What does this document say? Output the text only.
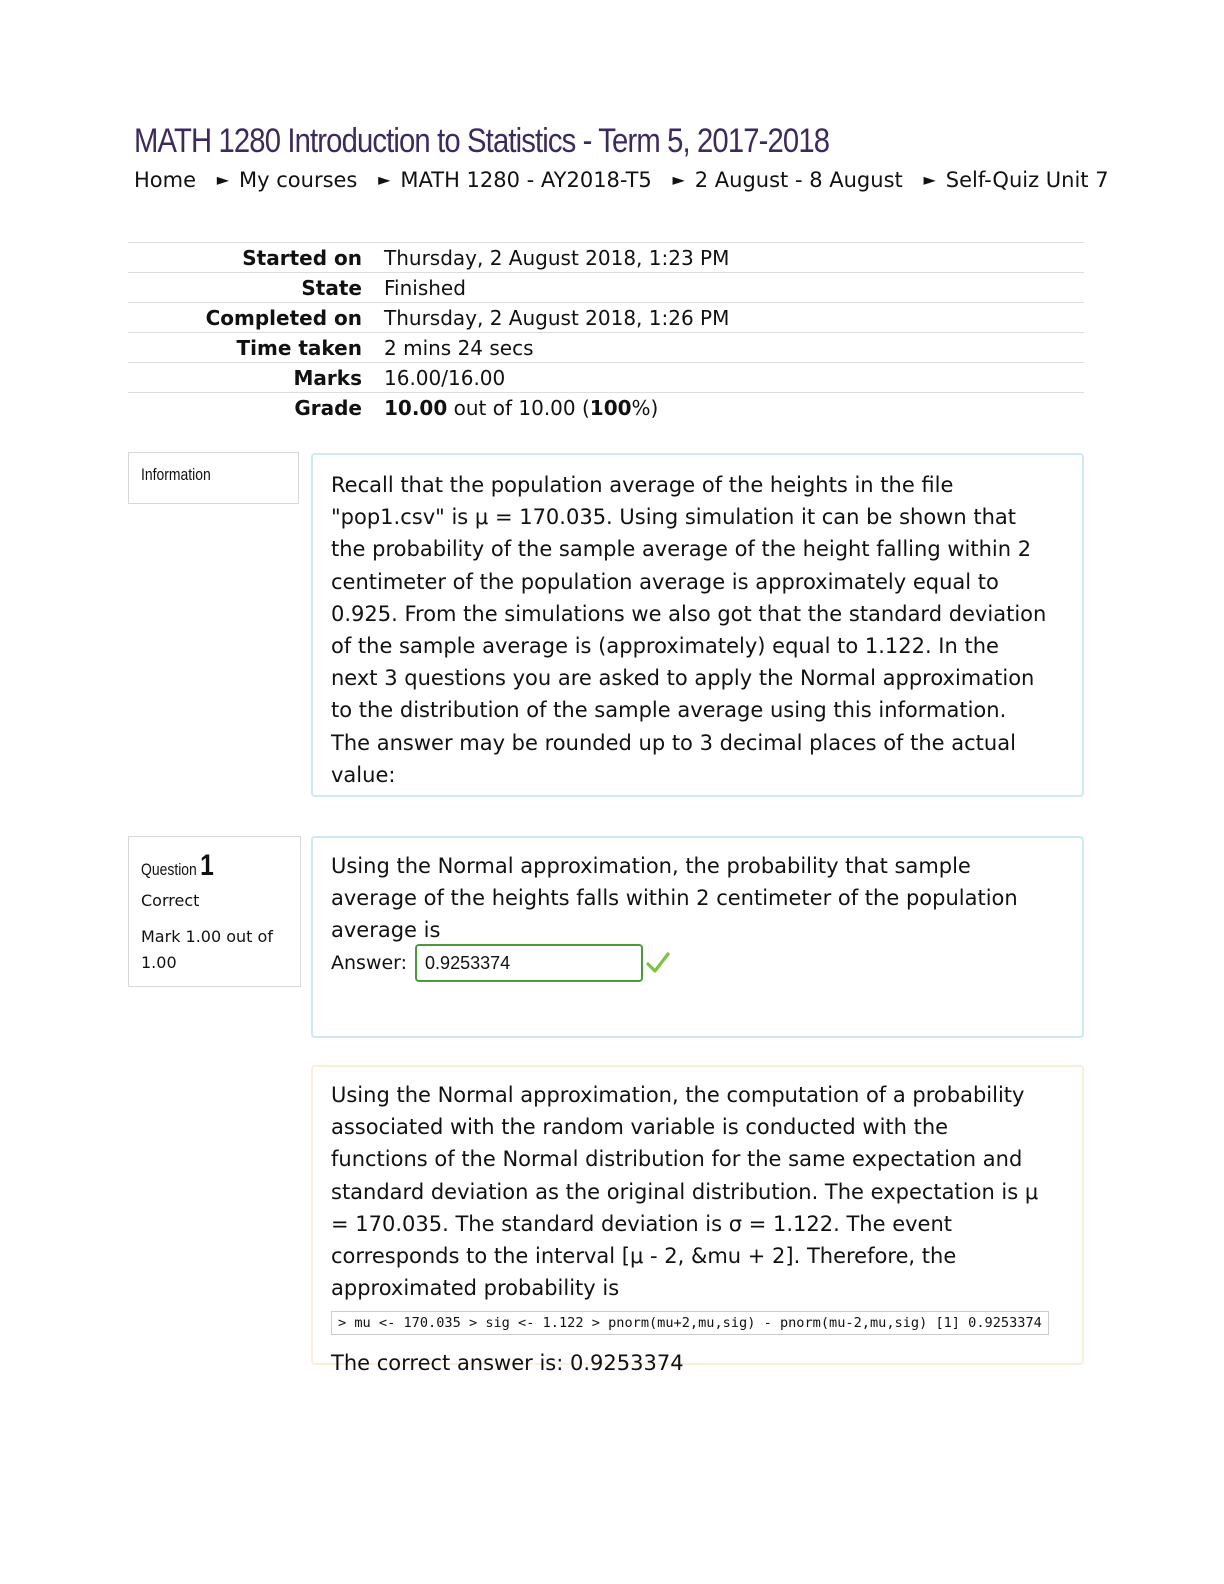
MATH 1280 Introduction to Statistics - Term 5, 2017-2018
Home ► My courses ► MATH 1280 - AY2018-T5 ► 2 August - 8 August ► Self-Quiz Unit 7
Started on	Thursday, 2 August 2018, 1:23 PM
State	Finished
Completed on	Thursday, 2 August 2018, 1:26 PM
Time taken	2 mins 24 secs
Marks	16.00/16.00
Grade	10.00 out of 10.00 (100%)
Information	Recall that the population average of the heights in the file "pop1.csv" is μ = 170.035. Using simulation it can be shown that the probability of the sample average of the height falling within 2 centimeter of the population average is approximately equal to 0.925. From the simulations we also got that the standard deviation of the sample average is (approximately) equal to 1.122. In the next 3 questions you are asked to apply the Normal approximation to the distribution of the sample average using this information. The answer may be rounded up to 3 decimal places of the actual value:

Question 1
Correct
Mark 1.00 out of 1.00

Using the Normal approximation, the probability that sample average of the heights falls within 2 centimeter of the population average is

Answer:
0.9253374

Using the Normal approximation, the computation of a probability associated with the random variable is conducted with the functions of the Normal distribution for the same expectation and standard deviation as the original distribution. The expectation is μ = 170.035. The standard deviation is σ = 1.122. The event corresponds to the interval [μ - 2, &mu + 2]. Therefore, the approximated probability is

> mu <- 170.035 > sig <- 1.122 > pnorm(mu+2,mu,sig) - pnorm(mu-2,mu,sig) [1] 0.9253374

The correct answer is: 0.9253374
